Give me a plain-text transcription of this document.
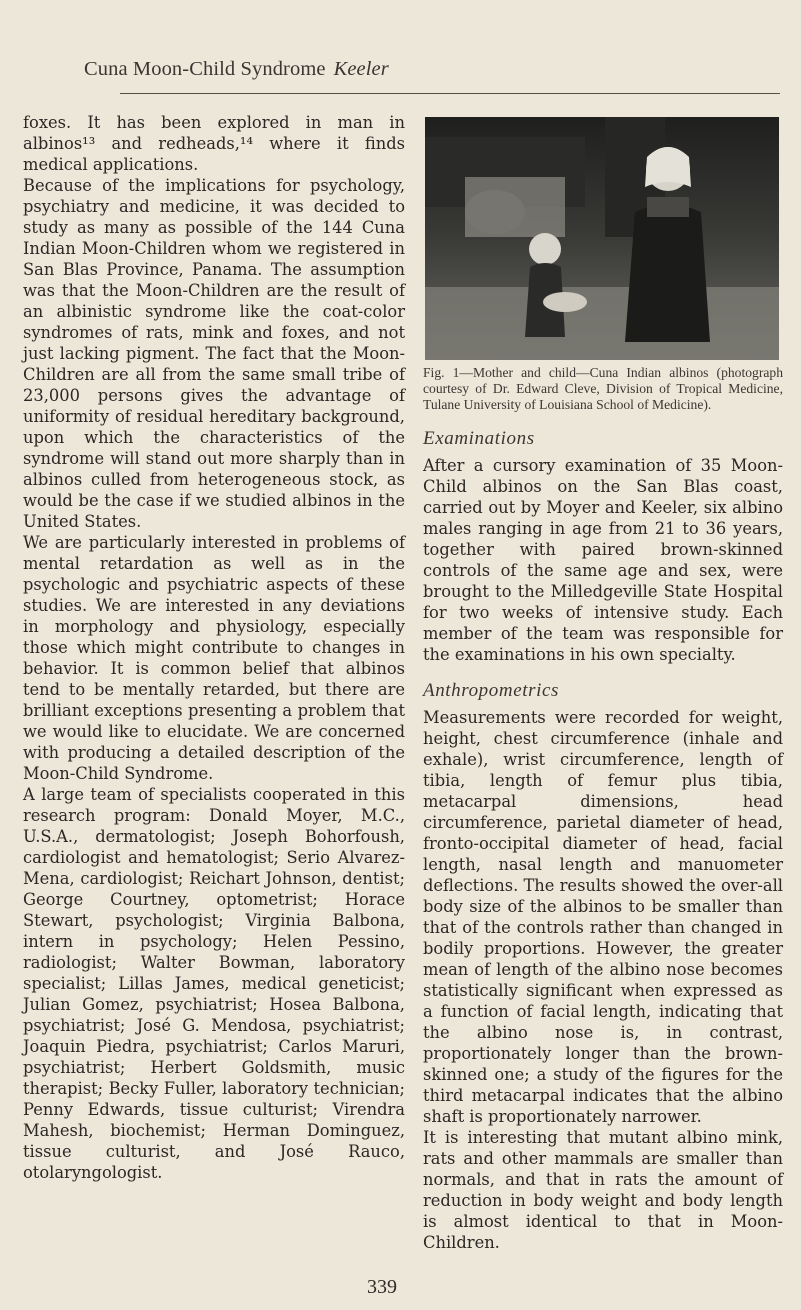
Cuna Moon-Child Syndrome Keeler

foxes. It has been explored in man in albinos¹³ and redheads,¹⁴ where it finds medical applications.

Because of the implications for psychology, psychiatry and medicine, it was decided to study as many as possible of the 144 Cuna Indian Moon-Children whom we registered in San Blas Province, Panama. The assumption was that the Moon-Children are the result of an albinistic syndrome like the coat-color syndromes of rats, mink and foxes, and not just lacking pigment. The fact that the Moon-Children are all from the same small tribe of 23,000 persons gives the advantage of uniformity of residual hereditary background, upon which the characteristics of the syndrome will stand out more sharply than in albinos culled from heterogeneous stock, as would be the case if we studied albinos in the United States.

We are particularly interested in problems of mental retardation as well as in the psychologic and psychiatric aspects of these studies. We are interested in any deviations in morphology and physiology, especially those which might contribute to changes in behavior. It is common belief that albinos tend to be mentally retarded, but there are brilliant exceptions presenting a problem that we would like to elucidate. We are concerned with producing a detailed description of the Moon-Child Syndrome.

A large team of specialists cooperated in this research program: Donald Moyer, M.C., U.S.A., dermatologist; Joseph Bohorfoush, cardiologist and hematologist; Serio Alvarez-Mena, cardiologist; Reichart Johnson, dentist; George Courtney, optometrist; Horace Stewart, psychologist; Virginia Balbona, intern in psychology; Helen Pessino, radiologist; Walter Bowman, laboratory specialist; Lillas James, medical geneticist; Julian Gomez, psychiatrist; Hosea Balbona, psychiatrist; José G. Mendosa, psychiatrist; Joaquin Piedra, psychiatrist; Carlos Maruri, psychiatrist; Herbert Goldsmith, music therapist; Becky Fuller, laboratory technician; Penny Edwards, tissue culturist; Virendra Mahesh, biochemist; Herman Dominguez, tissue culturist, and José Rauco, otolaryngologist.

Fig. 1—Mother and child—Cuna Indian albinos (photograph courtesy of Dr. Edward Cleve, Division of Tropical Medicine, Tulane University of Louisiana School of Medicine).

Examinations

After a cursory examination of 35 Moon-Child albinos on the San Blas coast, carried out by Moyer and Keeler, six albino males ranging in age from 21 to 36 years, together with paired brown-skinned controls of the same age and sex, were brought to the Milledgeville State Hospital for two weeks of intensive study. Each member of the team was responsible for the examinations in his own specialty.

Anthropometrics

Measurements were recorded for weight, height, chest circumference (inhale and exhale), wrist circumference, length of tibia, length of femur plus tibia, metacarpal dimensions, head circumference, parietal diameter of head, fronto-occipital diameter of head, facial length, nasal length and manuometer deflections. The results showed the over-all body size of the albinos to be smaller than that of the controls rather than changed in bodily proportions. However, the greater mean of length of the albino nose becomes statistically significant when expressed as a function of facial length, indicating that the albino nose is, in contrast, proportionately longer than the brown-skinned one; a study of the figures for the third metacarpal indicates that the albino shaft is proportionately narrower.

It is interesting that mutant albino mink, rats and other mammals are smaller than normals, and that in rats the amount of reduction in body weight and body length is almost identical to that in Moon-Children.

339
